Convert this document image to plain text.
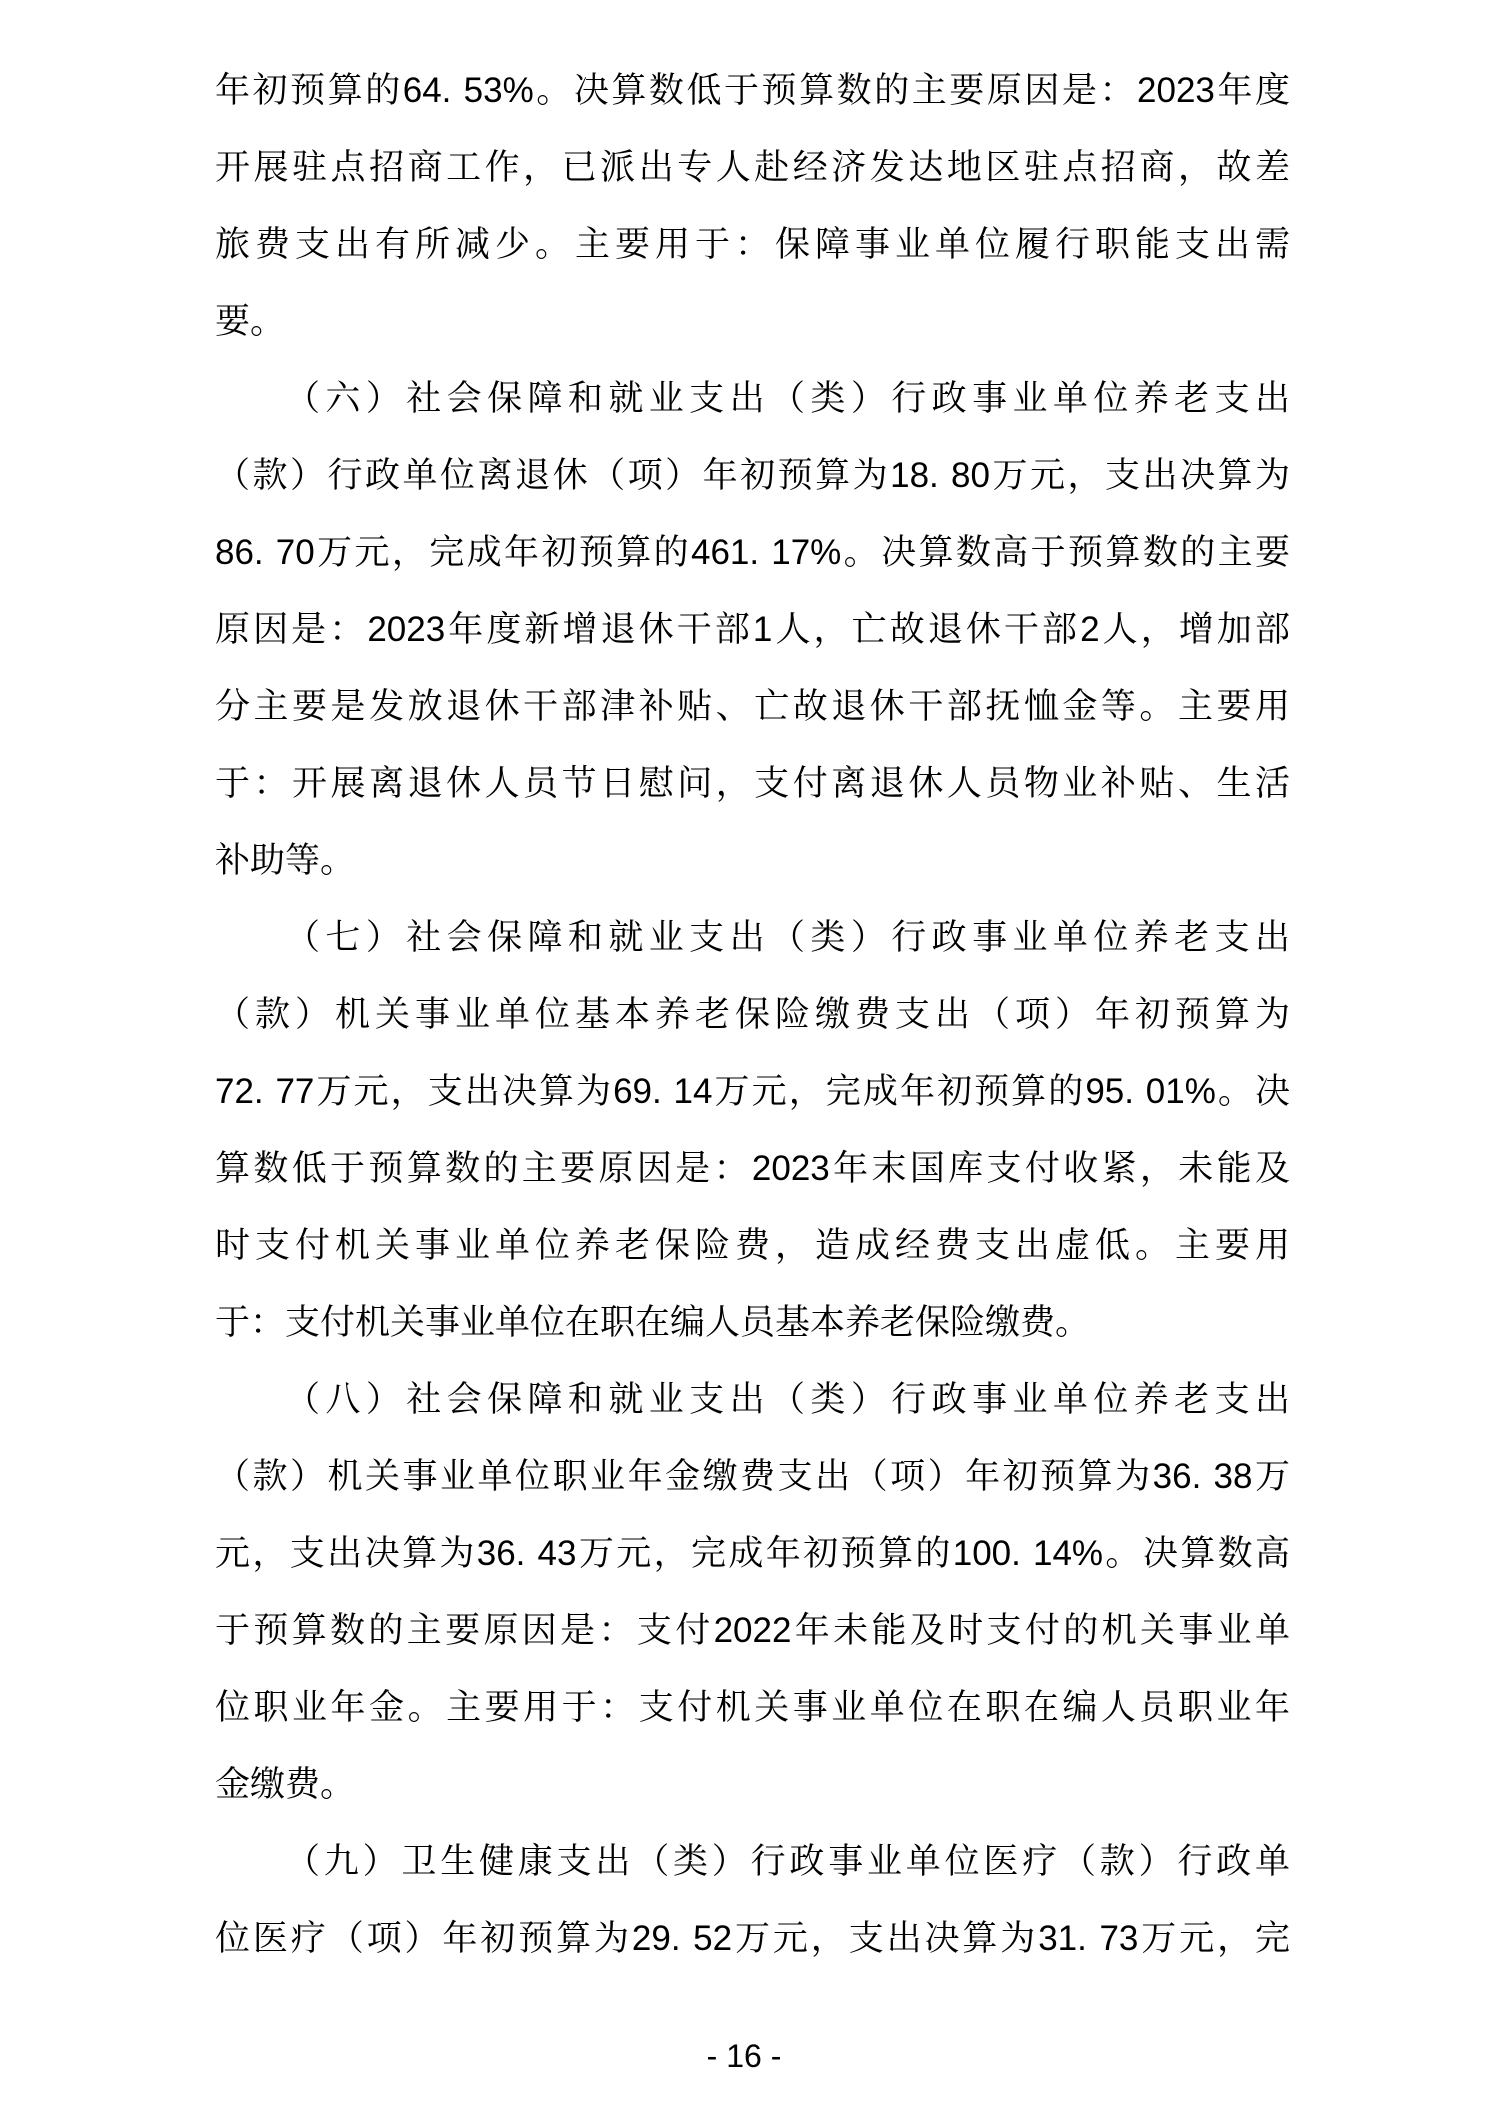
年初预算的64. 53%。决算数低于预算数的主要原因是：2023年度
开展驻点招商工作，已派出专人赴经济发达地区驻点招商，故差
旅费支出有所减少。主要用于：保障事业单位履行职能支出需
要。
（六）社会保障和就业支出（类）行政事业单位养老支出
（款）行政单位离退休（项）年初预算为18. 80万元，支出决算为
86. 70万元，完成年初预算的461. 17%。决算数高于预算数的主要
原因是：2023年度新增退休干部1人，亡故退休干部2人，增加部
分主要是发放退休干部津补贴、亡故退休干部抚恤金等。主要用
于：开展离退休人员节日慰问，支付离退休人员物业补贴、生活
补助等。
（七）社会保障和就业支出（类）行政事业单位养老支出
（款）机关事业单位基本养老保险缴费支出（项）年初预算为
72. 77万元，支出决算为69. 14万元，完成年初预算的95. 01%。决
算数低于预算数的主要原因是：2023年末国库支付收紧，未能及
时支付机关事业单位养老保险费，造成经费支出虚低。主要用
于：支付机关事业单位在职在编人员基本养老保险缴费。
（八）社会保障和就业支出（类）行政事业单位养老支出
（款）机关事业单位职业年金缴费支出（项）年初预算为36. 38万
元，支出决算为36. 43万元，完成年初预算的100. 14%。决算数高
于预算数的主要原因是：支付2022年未能及时支付的机关事业单
位职业年金。主要用于：支付机关事业单位在职在编人员职业年
金缴费。
（九）卫生健康支出（类）行政事业单位医疗（款）行政单
位医疗（项）年初预算为29. 52万元，支出决算为31. 73万元，完
- 16 -
